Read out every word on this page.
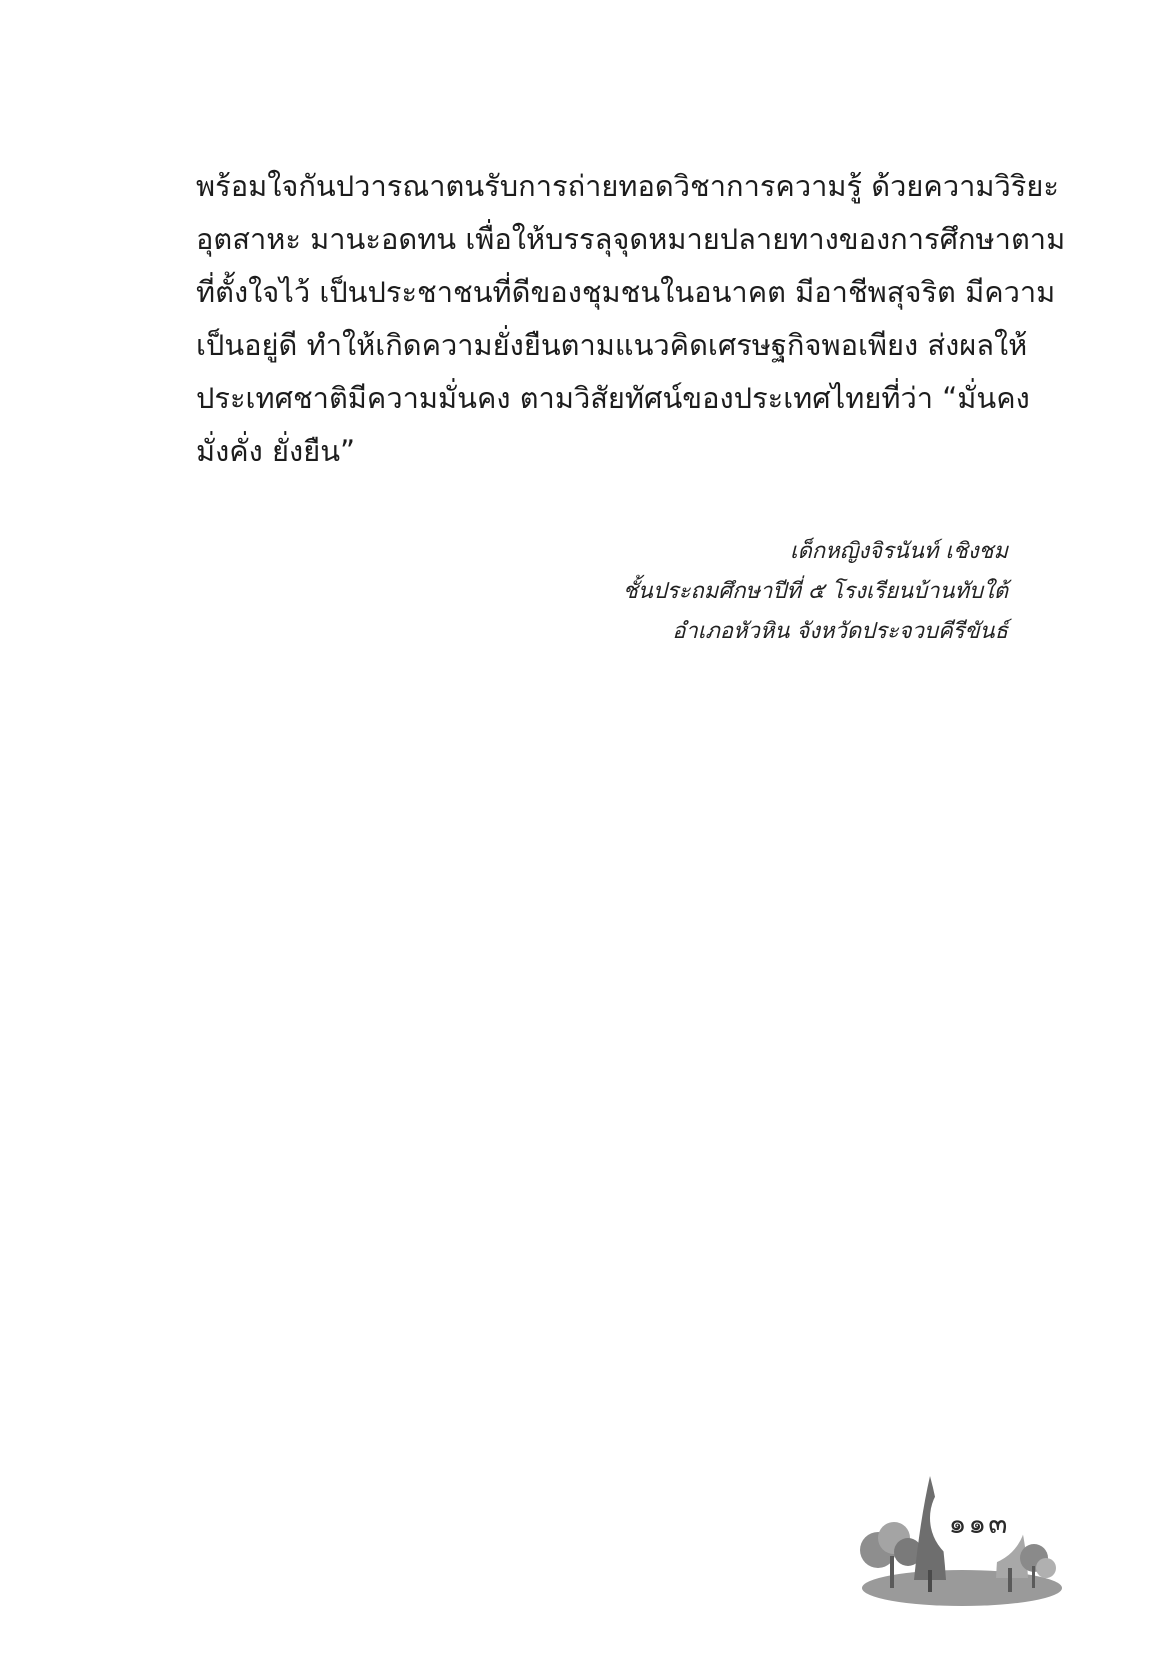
พร้อมใจกันปวารณาตนรับการถ่ายทอดวิชาการความรู้ ด้วยความวิริยะ
อุตสาหะ มานะอดทน เพื่อให้บรรลุจุดหมายปลายทางของการศึกษาตาม
ที่ตั้งใจไว้ เป็นประชาชนที่ดีของชุมชนในอนาคต มีอาชีพสุจริต มีความ
เป็นอยู่ดี ทำให้เกิดความยั่งยืนตามแนวคิดเศรษฐกิจพอเพียง ส่งผลให้
ประเทศชาติมีความมั่นคง ตามวิสัยทัศน์ของประเทศไทยที่ว่า “มั่นคง
มั่งคั่ง ยั่งยืน”
เด็กหญิงจิรนันท์ เชิงชม
ชั้นประถมศึกษาปีที่ ๕ โรงเรียนบ้านทับใต้
อำเภอหัวหิน จังหวัดประจวบคีรีขันธ์
๑๑๓
